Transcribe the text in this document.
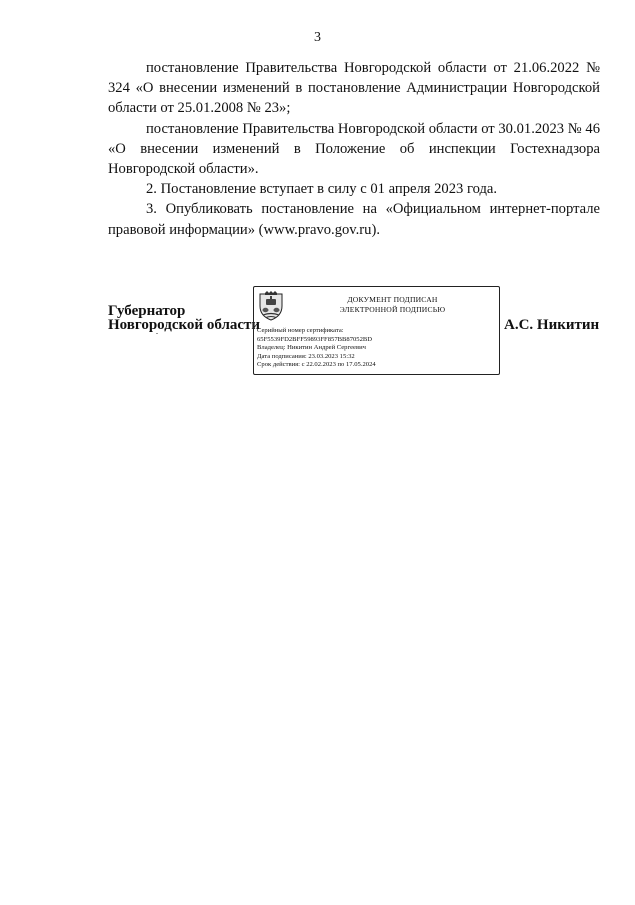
3

постановление Правительства Новгородской области от 21.06.2022 № 324 «О внесении изменений в постановление Администрации Новгородской области от 25.01.2008 № 23»;

постановление Правительства Новгородской области от 30.01.2023 № 46 «О внесении изменений в Положение об инспекции Гостехнадзора Новгородской области».

2. Постановление вступает в силу с 01 апреля 2023 года.

3. Опубликовать постановление на «Официальном интернет-портале правовой информации» (www.pravo.gov.ru).

Губернатор
Новгородской области	А.С. Никитин
ДОКУМЕНТ ПОДПИСАН
ЭЛЕКТРОННОЙ ПОДПИСЬЮ
Серийный номер сертификата:
65F5539FD2BFF59893FF857BB87052BD
Владелец: Никитин Андрей Сергеевич
Дата подписания: 23.03.2023 15:32
Срок действия: с 22.02.2023 по 17.05.2024
